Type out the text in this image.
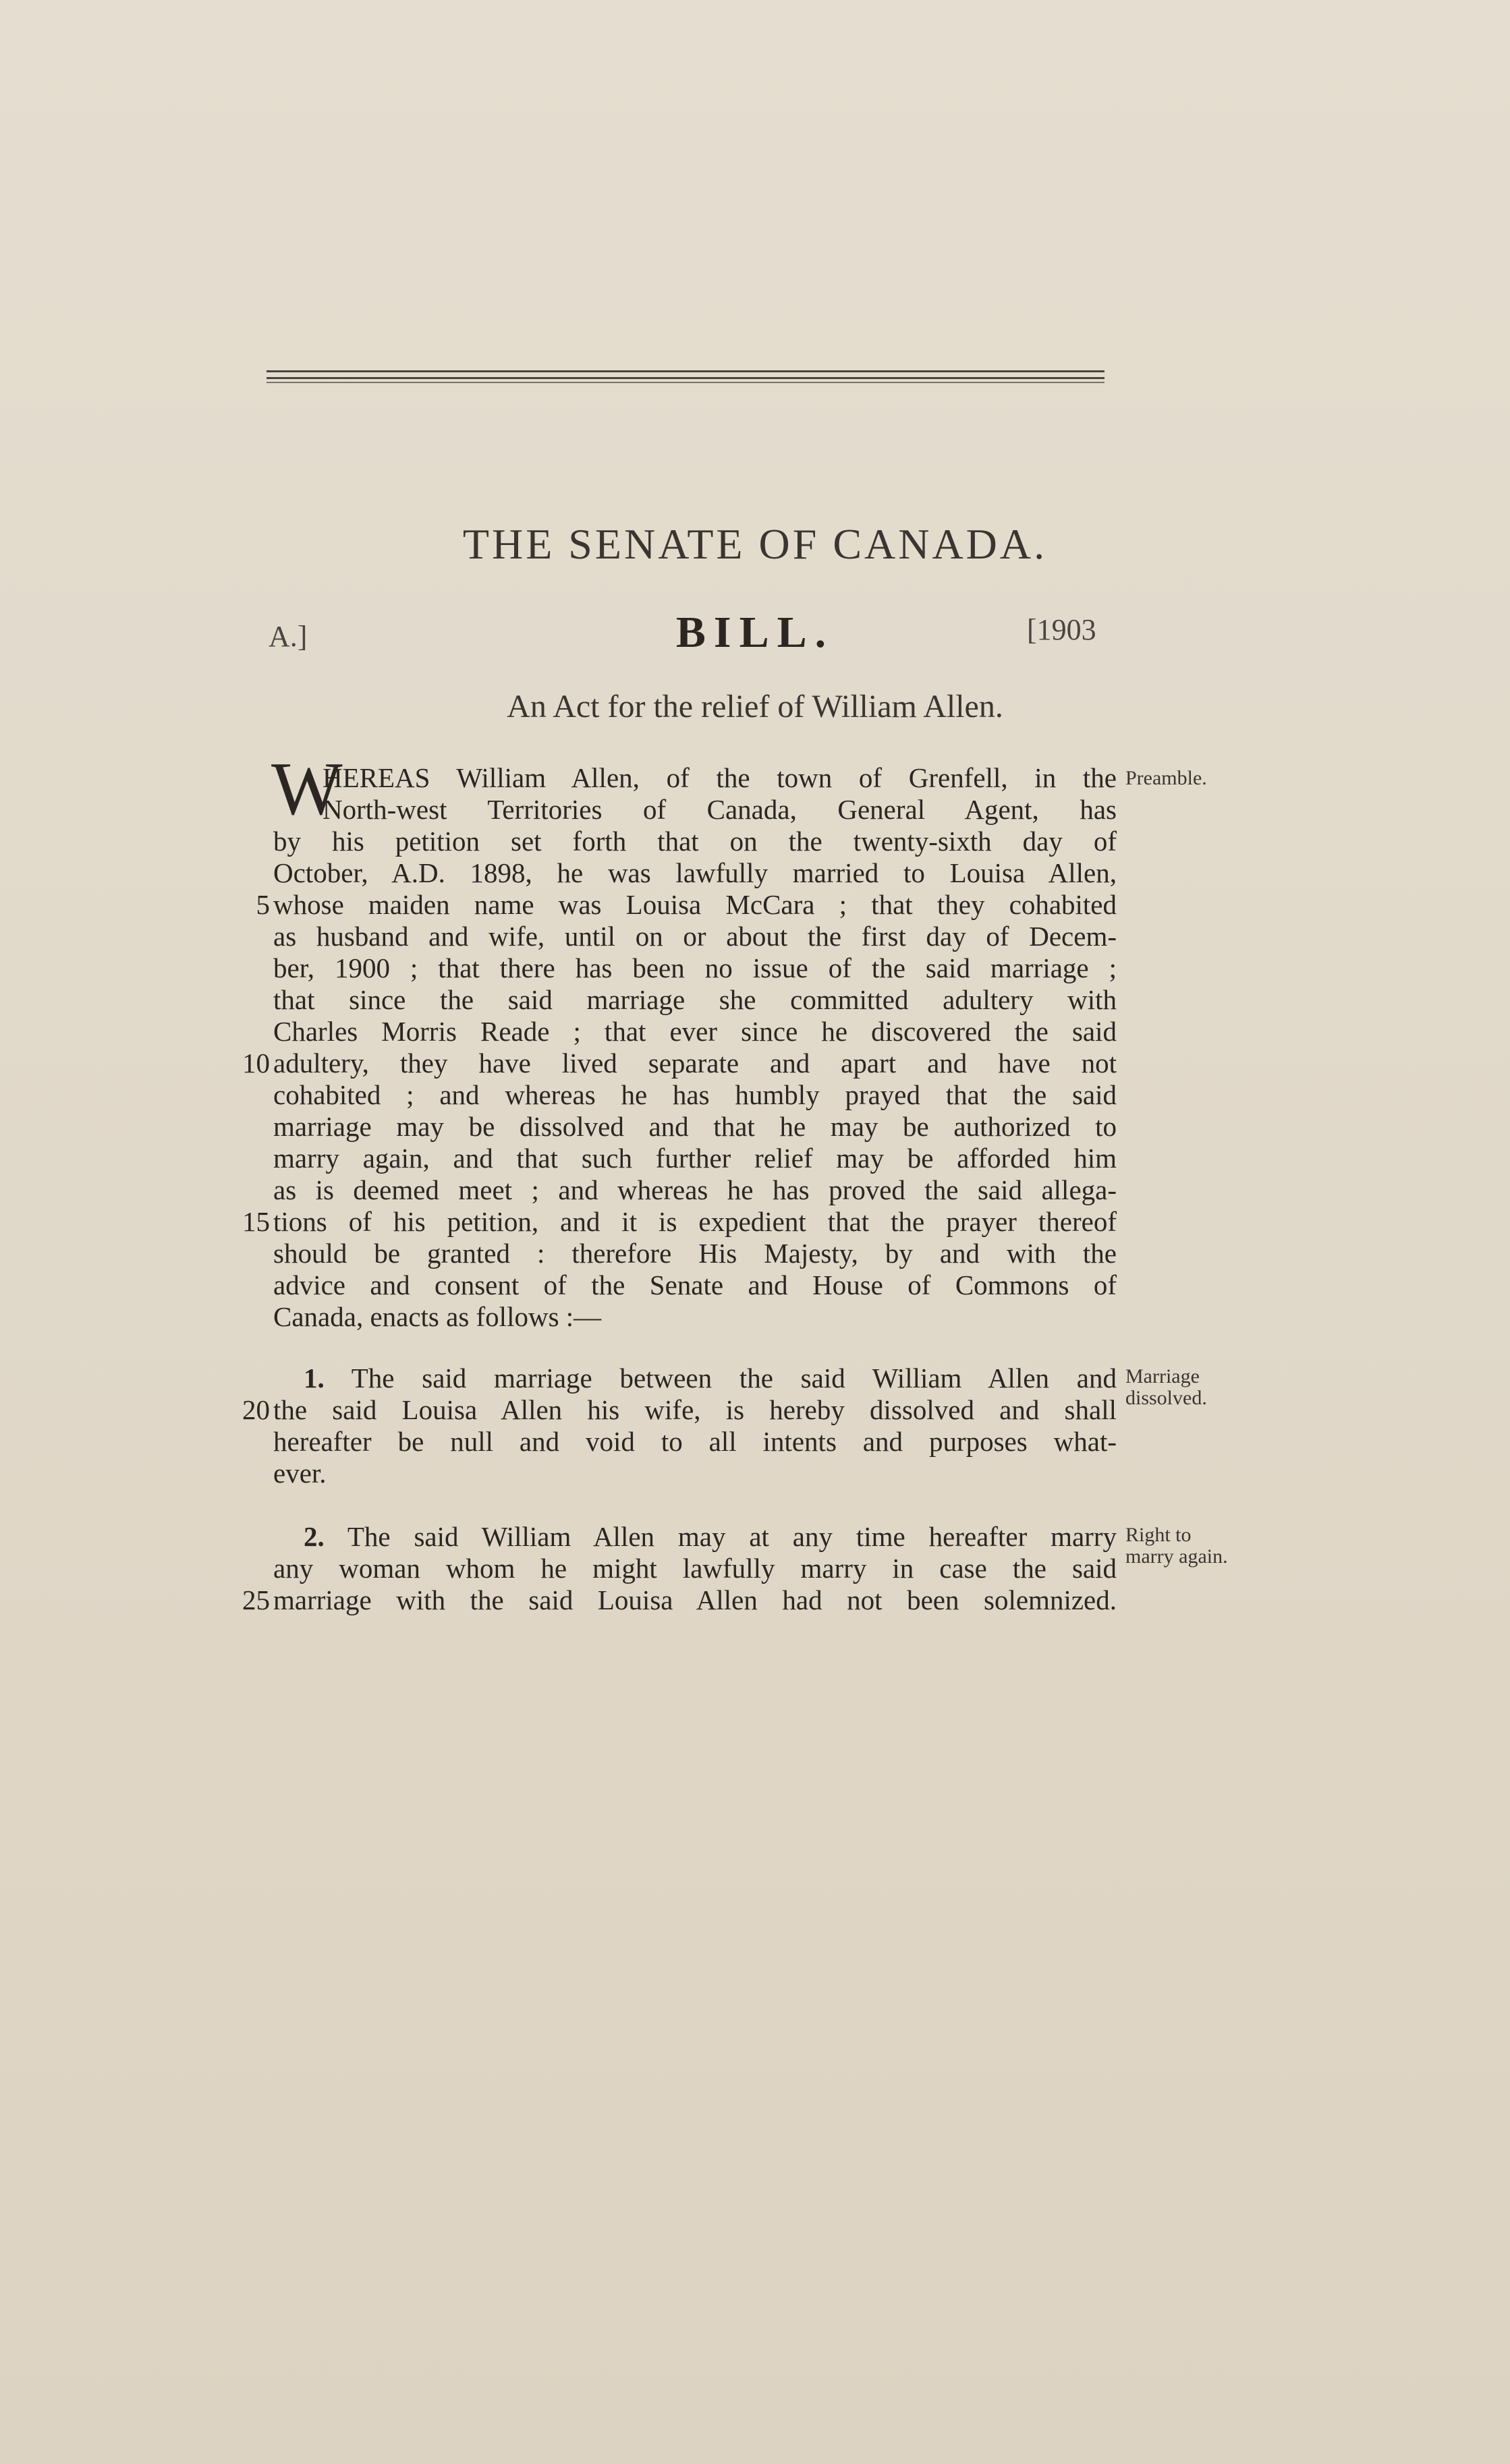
THE SENATE OF CANADA.
A.]	BILL.	[1903
An Act for the relief of William Allen.
W
HEREAS William Allen, of the town of Grenfell, in the
North-west Territories of Canada, General Agent, has
by his petition set forth that on the twenty-sixth day of
October, A.D. 1898, he was lawfully married to Louisa Allen,
5 whose maiden name was Louisa McCara ; that they cohabited
as husband and wife, until on or about the first day of Decem-
ber, 1900 ; that there has been no issue of the said marriage ;
that since the said marriage she committed adultery with
Charles Morris Reade ; that ever since he discovered the said
10 adultery, they have lived separate and apart and have not
cohabited ; and whereas he has humbly prayed that the said
marriage may be dissolved and that he may be authorized to
marry again, and that such further relief may be afforded him
as is deemed meet ; and whereas he has proved the said allega-
15 tions of his petition, and it is expedient that the prayer thereof
should be granted : therefore His Majesty, by and with the
advice and consent of the Senate and House of Commons of
Canada, enacts as follows :—
Preamble.
1. The said marriage between the said William Allen and
20 the said Louisa Allen his wife, is hereby dissolved and shall
hereafter be null and void to all intents and purposes what-
ever.
Marriage
dissolved.
2. The said William Allen may at any time hereafter marry
any woman whom he might lawfully marry in case the said
25 marriage with the said Louisa Allen had not been solemnized.
Right to
marry again.
